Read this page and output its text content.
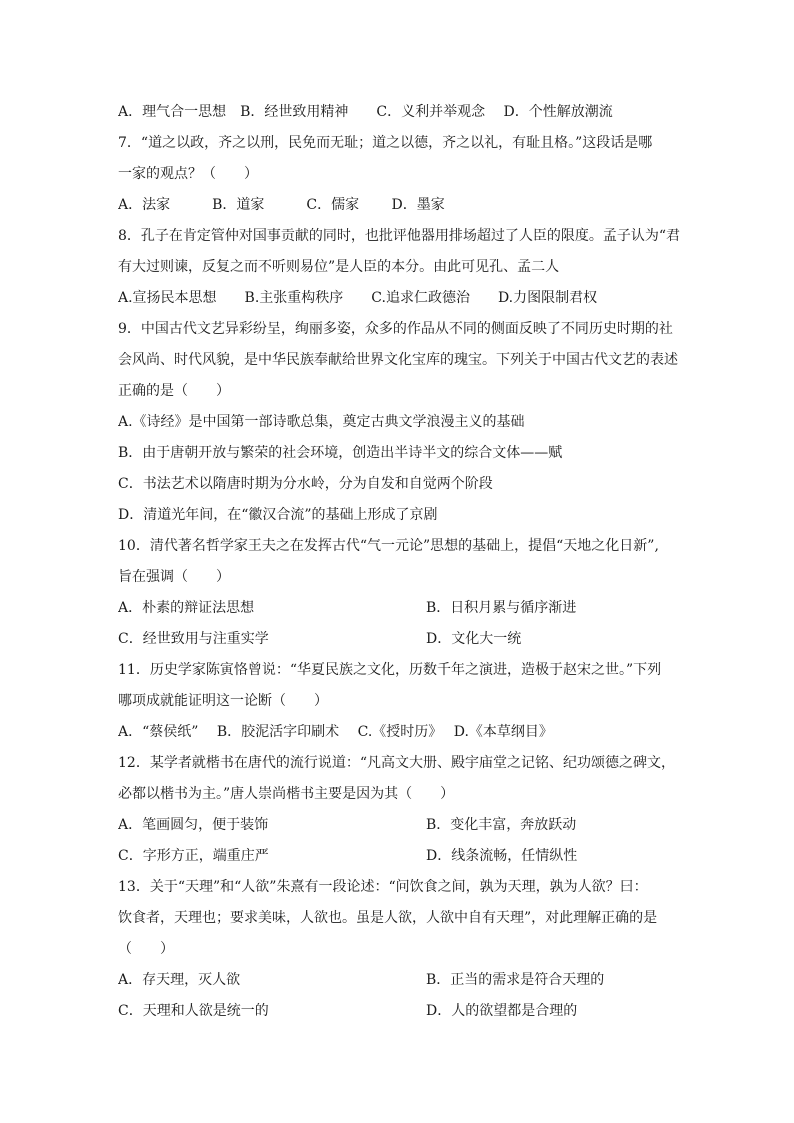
A．理气合一思想　B．经世致用精神　　C．义利并举观念　 D．个性解放潮流
7．“道之以政，齐之以刑，民免而无耻；道之以德，齐之以礼，有耻且格。”这段话是哪
一家的观点？（　　）
A．法家　　　B．道家　　　C．儒家　　 D．墨家
8．孔子在肯定管仲对国事贡献的同时，也批评他器用排场超过了人臣的限度。孟子认为“君
有大过则谏，反复之而不听则易位”是人臣的本分。由此可见孔、孟二人
A.宣扬民本思想　　B.主张重构秩序　　C.追求仁政德治　　D.力图限制君权
9．中国古代文艺异彩纷呈，绚丽多姿，众多的作品从不同的侧面反映了不同历史时期的社
会风尚、时代风貌，是中华民族奉献给世界文化宝库的瑰宝。下列关于中国古代文艺的表述
正确的是（　　）
A.《诗经》是中国第一部诗歌总集，奠定古典文学浪漫主义的基础
B．由于唐朝开放与繁荣的社会环境，创造出半诗半文的综合文体——赋
C．书法艺术以隋唐时期为分水岭，分为自发和自觉两个阶段
D．清道光年间，在“徽汉合流”的基础上形成了京剧
10．清代著名哲学家王夫之在发挥古代“气一元论”思想的基础上，提倡“天地之化日新”,
旨在强调（　　）
A．朴素的辩证法思想	B．日积月累与循序渐进
C．经世致用与注重实学	D．文化大一统
11．历史学家陈寅恪曾说：“华夏民族之文化，历数千年之演进，造极于赵宋之世。”下列
哪项成就能证明这一论断（　　）
A．“蔡侯纸”　 B．胶泥活字印刷术　 C.《授时历》　 D.《本草纲目》
12．某学者就楷书在唐代的流行说道：“凡高文大册、殿宇庙堂之记铭、纪功颂德之碑文，
必都以楷书为主。”唐人崇尚楷书主要是因为其（　　）
A．笔画圆匀，便于装饰	B．变化丰富，奔放跃动
C．字形方正，端重庄严	D．线条流畅，任情纵性
13．关于“天理”和“人欲”朱熹有一段论述：“问饮食之间，孰为天理，孰为人欲？曰：
饮食者，天理也；要求美味，人欲也。虽是人欲，人欲中自有天理”，对此理解正确的是
（　　）
A．存天理，灭人欲	B．正当的需求是符合天理的
C．天理和人欲是统一的	D．人的欲望都是合理的
